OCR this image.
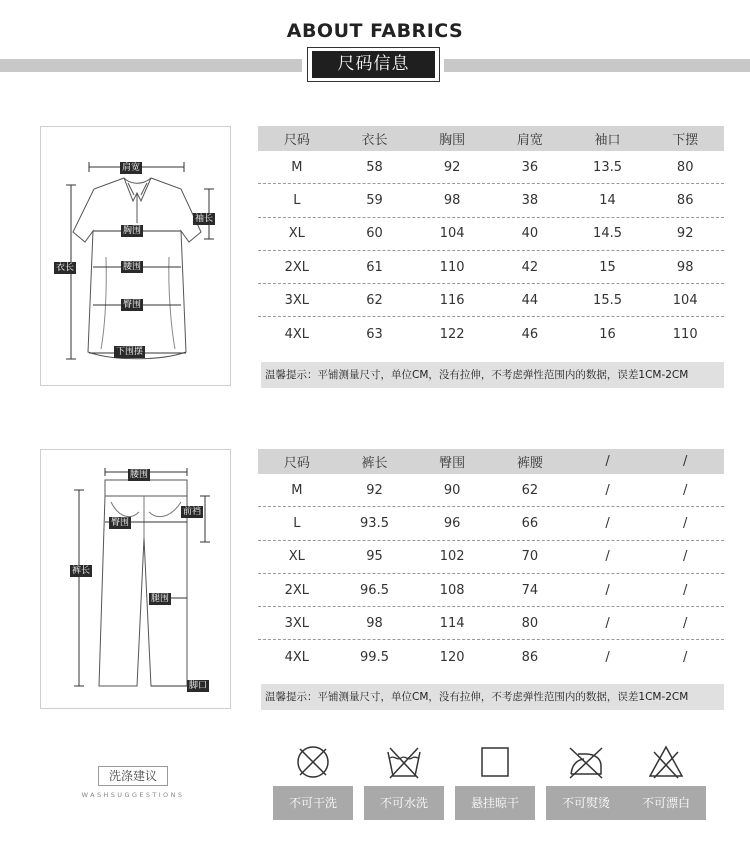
ABOUT FABRICS
尺码信息
肩宽
袖长
胸围
衣长	腰围
臀围
下围摆
尺码	衣长	胸围	肩宽	袖口	下摆
M	58	92	36	13.5	80
L	59	98	38	14	86
XL	60	104	40	14.5	92
2XL	61	110	42	15	98
3XL	62	116	44	15.5	104
4XL	63	122	46	16	110
温馨提示：平铺测量尺寸，单位CM，没有拉伸，不考虑弹性范围内的数据，误差1CM-2CM
腰围
前裆
臀围
裤长
腿围
脚口
尺码	裤长	臀围	裤腰	/	/
M	92	90	62	/	/
L	93.5	96	66	/	/
XL	95	102	70	/	/
2XL	96.5	108	74	/	/
3XL	98	114	80	/	/
4XL	99.5	120	86	/	/
温馨提示：平铺测量尺寸，单位CM，没有拉伸，不考虑弹性范围内的数据，误差1CM-2CM
洗涤建议
WASHSUGGESTIONS
不可干洗	不可水洗	悬挂晾干	不可熨烫	不可漂白
